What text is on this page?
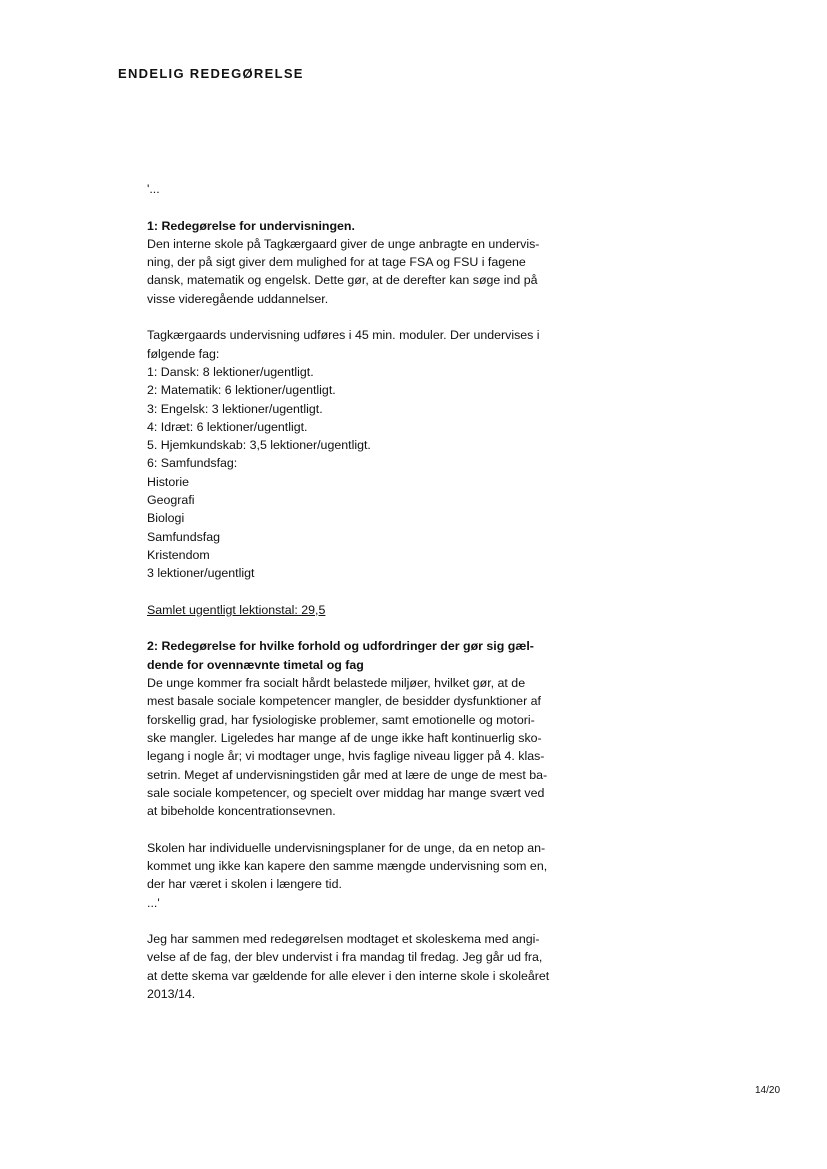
ENDELIG REDEGØRELSE

'...

1: Redegørelse for undervisningen.

Den interne skole på Tagkærgaard giver de unge anbragte en undervis-

ning, der på sigt giver dem mulighed for at tage FSA og FSU i fagene

dansk, matematik og engelsk. Dette gør, at de derefter kan søge ind på

visse videregående uddannelser.

Tagkærgaards undervisning udføres i 45 min. moduler. Der undervises i

følgende fag:

1: Dansk: 8 lektioner/ugentligt.

2: Matematik: 6 lektioner/ugentligt.

3: Engelsk: 3 lektioner/ugentligt.

4: Idræt: 6 lektioner/ugentligt.

5. Hjemkundskab: 3,5 lektioner/ugentligt.

6: Samfundsfag:

Historie

Geografi

Biologi

Samfundsfag

Kristendom

3 lektioner/ugentligt

Samlet ugentligt lektionstal: 29,5

2: Redegørelse for hvilke forhold og udfordringer der gør sig gæl-

dende for ovennævnte timetal og fag

De unge kommer fra socialt hårdt belastede miljøer, hvilket gør, at de

mest basale sociale kompetencer mangler, de besidder dysfunktioner af

forskellig grad, har fysiologiske problemer, samt emotionelle og motori-

ske mangler. Ligeledes har mange af de unge ikke haft kontinuerlig sko-

legang i nogle år; vi modtager unge, hvis faglige niveau ligger på 4. klas-

setrin. Meget af undervisningstiden går med at lære de unge de mest ba-

sale sociale kompetencer, og specielt over middag har mange svært ved

at bibeholde koncentrationsevnen.

Skolen har individuelle undervisningsplaner for de unge, da en netop an-

kommet ung ikke kan kapere den samme mængde undervisning som en,

der har været i skolen i længere tid.

...'

Jeg har sammen med redegørelsen modtaget et skoleskema med angi-

velse af de fag, der blev undervist i fra mandag til fredag. Jeg går ud fra,

at dette skema var gældende for alle elever i den interne skole i skoleåret

2013/14.

14/20
